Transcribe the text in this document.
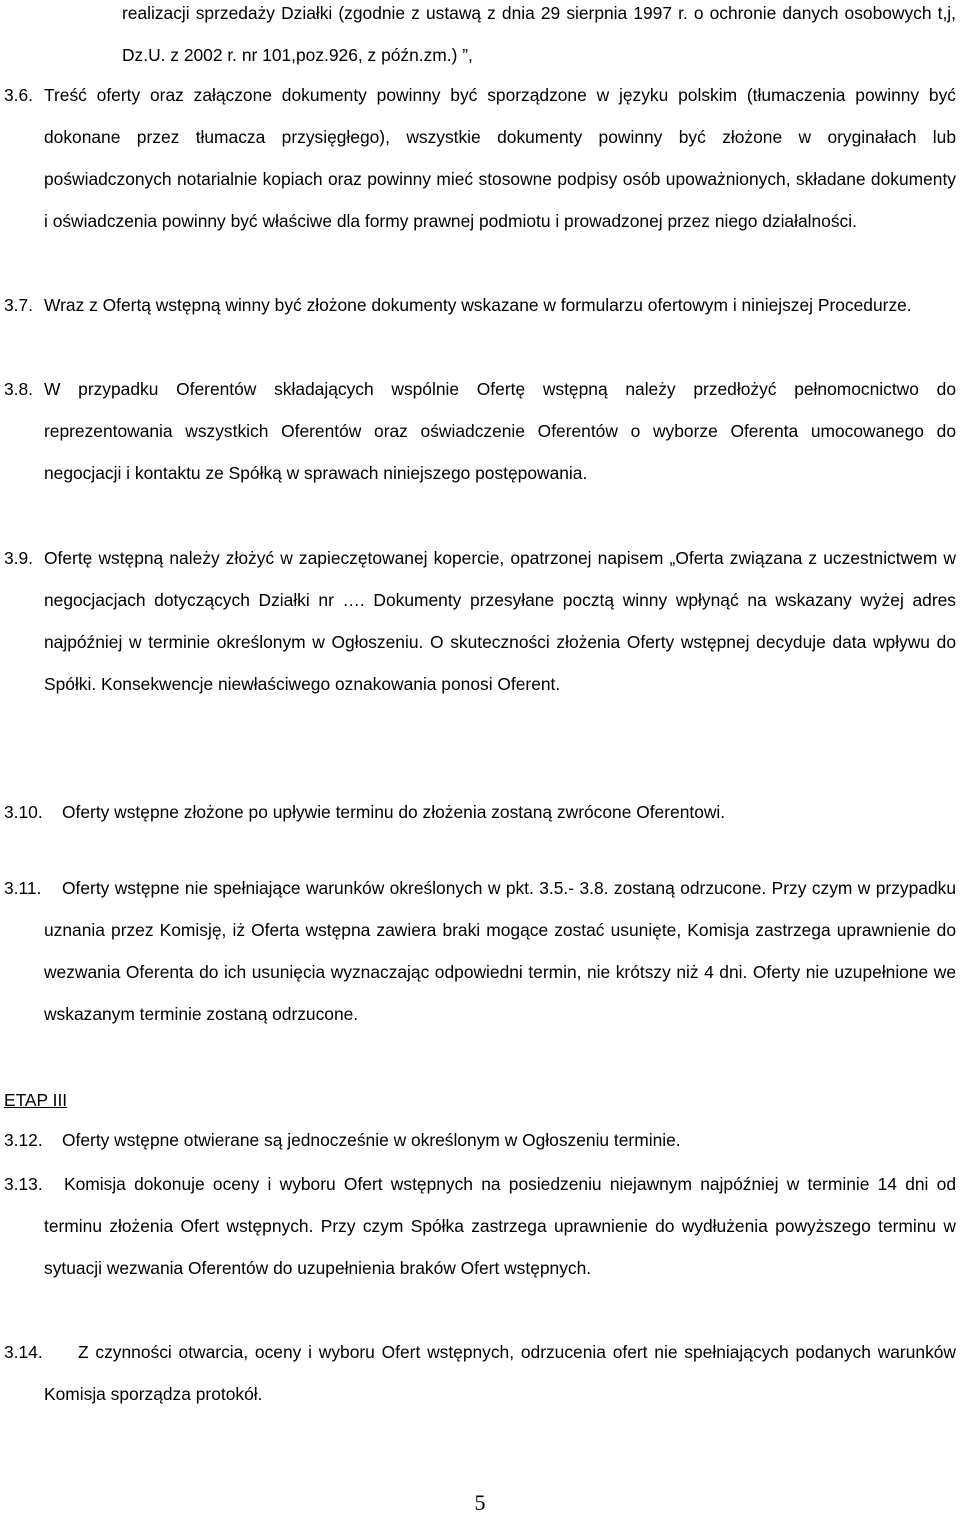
realizacji sprzedaży Działki (zgodnie z ustawą z dnia 29 sierpnia 1997 r. o ochronie danych osobowych t,j, Dz.U. z 2002 r. nr 101,poz.926, z późn.zm.) ”,

3.6. Treść oferty oraz załączone dokumenty powinny być sporządzone w języku polskim (tłumaczenia powinny być dokonane przez tłumacza przysięgłego), wszystkie dokumenty powinny być złożone w oryginałach lub poświadczonych notarialnie kopiach oraz powinny mieć stosowne podpisy osób upoważnionych, składane dokumenty i oświadczenia powinny być właściwe dla formy prawnej podmiotu i prowadzonej przez niego działalności.

3.7. Wraz z Ofertą wstępną winny być złożone dokumenty wskazane w formularzu ofertowym i niniejszej Procedurze.

3.8. W przypadku Oferentów składających wspólnie Ofertę wstępną należy przedłożyć pełnomocnictwo do reprezentowania wszystkich Oferentów oraz oświadczenie Oferentów o wyborze Oferenta umocowanego do negocjacji i kontaktu ze Spółką w sprawach niniejszego postępowania.

3.9. Ofertę wstępną należy złożyć w zapieczętowanej kopercie, opatrzonej napisem „Oferta związana z uczestnictwem w negocjacjach dotyczących Działki nr …. Dokumenty przesyłane pocztą winny wpłynąć na wskazany wyżej adres najpóźniej w terminie określonym w Ogłoszeniu. O skuteczności złożenia Oferty wstępnej decyduje data wpływu do Spółki. Konsekwencje niewłaściwego oznakowania ponosi Oferent.

3.10. Oferty wstępne złożone po upływie terminu do złożenia zostaną zwrócone Oferentowi.

3.11.	Oferty wstępne nie spełniające warunków określonych w pkt. 3.5.- 3.8. zostaną odrzucone. Przy czym w przypadku uznania przez Komisję, iż Oferta wstępna zawiera braki mogące zostać usunięte, Komisja zastrzega uprawnienie do wezwania Oferenta do ich usunięcia wyznaczając odpowiedni termin, nie krótszy niż 4 dni. Oferty nie uzupełnione we wskazanym terminie zostaną odrzucone.

ETAP III
3.12. Oferty wstępne otwierane są jednocześnie w określonym w Ogłoszeniu terminie.

3.13.	Komisja dokonuje oceny i wyboru Ofert wstępnych na posiedzeniu niejawnym najpóźniej w terminie 14 dni od terminu złożenia Ofert wstępnych. Przy czym Spółka zastrzega uprawnienie do wydłużenia powyższego terminu w sytuacji wezwania Oferentów do uzupełnienia braków Ofert wstępnych.

3.14.	Z czynności otwarcia, oceny i wyboru Ofert wstępnych, odrzucenia ofert nie spełniających podanych warunków Komisja sporządza protokół.

5
